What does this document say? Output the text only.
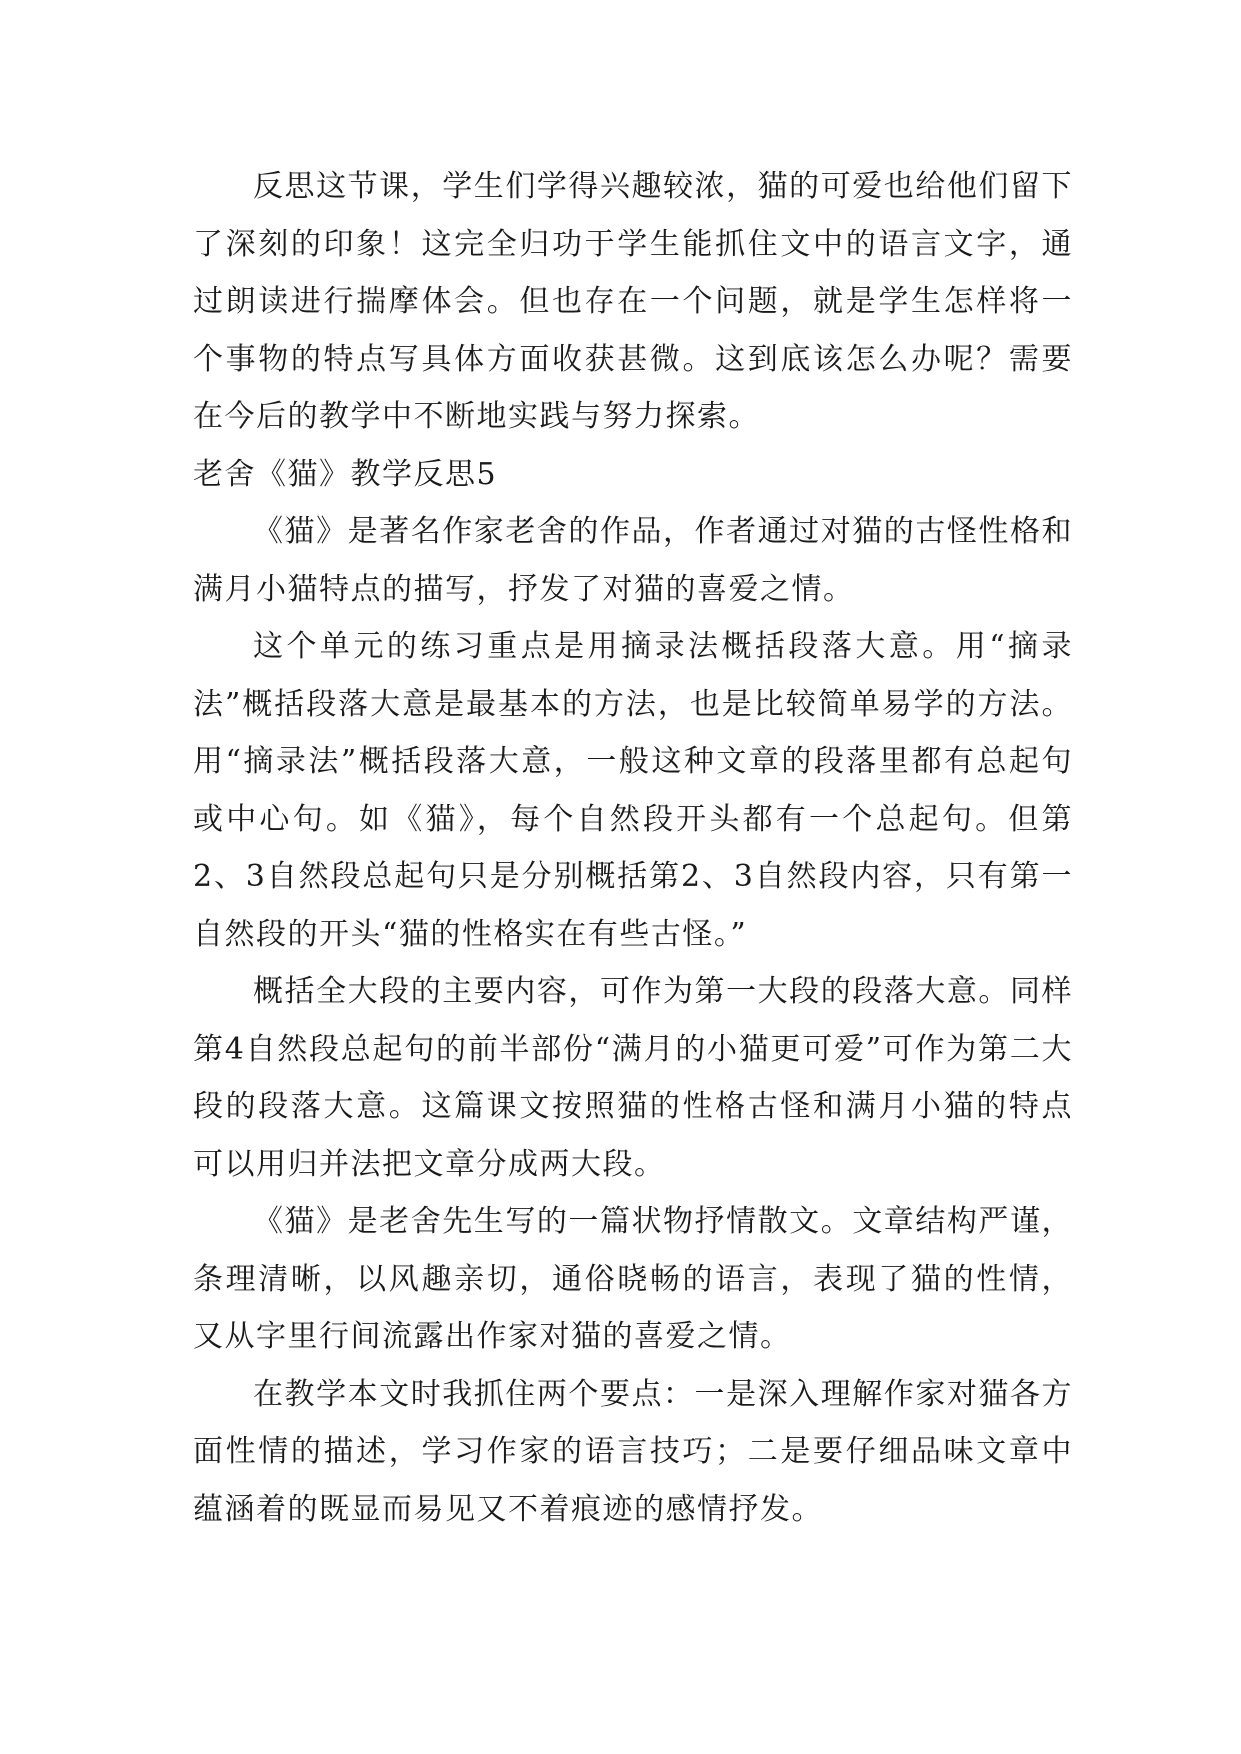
反思这节课，学生们学得兴趣较浓，猫的可爱也给他们留下了深刻的印象！这完全归功于学生能抓住文中的语言文字，通过朗读进行揣摩体会。但也存在一个问题，就是学生怎样将一个事物的特点写具体方面收获甚微。这到底该怎么办呢？需要在今后的教学中不断地实践与努力探索。

老舍《猫》教学反思5

《猫》是著名作家老舍的作品，作者通过对猫的古怪性格和满月小猫特点的描写，抒发了对猫的喜爱之情。

这个单元的练习重点是用摘录法概括段落大意。用“摘录法”概括段落大意是最基本的方法，也是比较简单易学的方法。用“摘录法”概括段落大意，一般这种文章的段落里都有总起句或中心句。如《猫》，每个自然段开头都有一个总起句。但第2、3自然段总起句只是分别概括第2、3自然段内容，只有第一自然段的开头“猫的性格实在有些古怪。”

概括全大段的主要内容，可作为第一大段的段落大意。同样第4自然段总起句的前半部份“满月的小猫更可爱”可作为第二大段的段落大意。这篇课文按照猫的性格古怪和满月小猫的特点可以用归并法把文章分成两大段。

《猫》是老舍先生写的一篇状物抒情散文。文章结构严谨，条理清晰，以风趣亲切，通俗晓畅的语言，表现了猫的性情，又从字里行间流露出作家对猫的喜爱之情。

在教学本文时我抓住两个要点：一是深入理解作家对猫各方面性情的描述，学习作家的语言技巧；二是要仔细品味文章中蕴涵着的既显而易见又不着痕迹的感情抒发。
